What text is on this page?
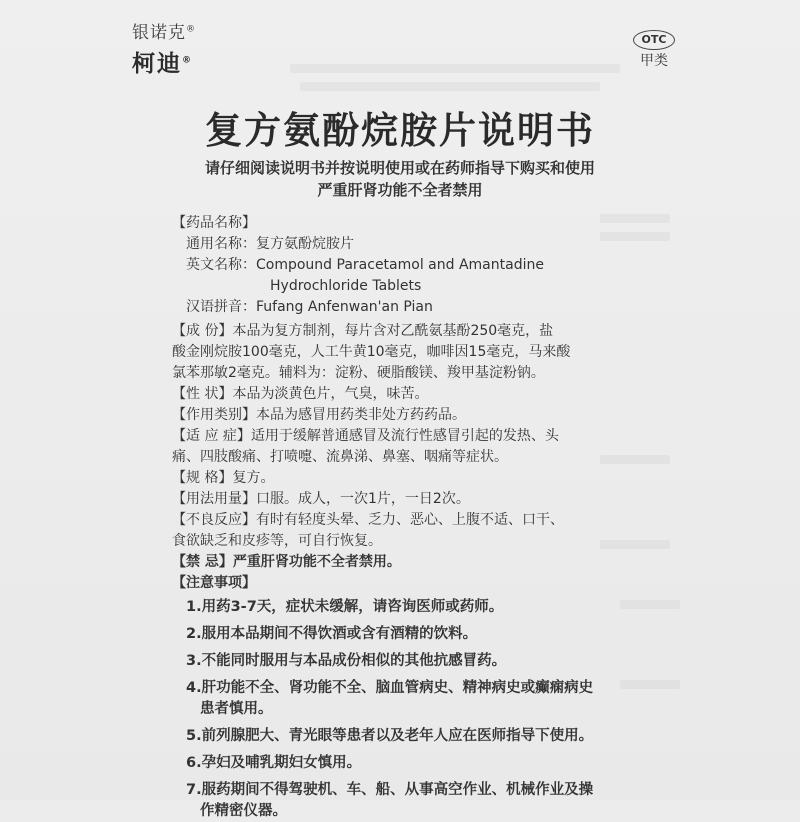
银诺克®
柯迪®
OTC
甲类
复方氨酚烷胺片说明书
请仔细阅读说明书并按说明使用或在药师指导下购买和使用
严重肝肾功能不全者禁用
【药品名称】
通用名称：复方氨酚烷胺片
英文名称：Compound Paracetamol and Amantadine
Hydrochloride Tablets
汉语拼音：Fufang Anfenwan'an Pian
【成 份】本品为复方制剂，每片含对乙酰氨基酚250毫克，盐
酸金刚烷胺100毫克，人工牛黄10毫克，咖啡因15毫克，马来酸
氯苯那敏2毫克。辅料为：淀粉、硬脂酸镁、羧甲基淀粉钠。
【性 状】本品为淡黄色片，气臭，味苦。
【作用类别】本品为感冒用药类非处方药药品。
【适 应 症】适用于缓解普通感冒及流行性感冒引起的发热、头
痛、四肢酸痛、打喷嚏、流鼻涕、鼻塞、咽痛等症状。
【规 格】复方。
【用法用量】口服。成人，一次1片，一日2次。
【不良反应】有时有轻度头晕、乏力、恶心、上腹不适、口干、
食欲缺乏和皮疹等，可自行恢复。
【禁 忌】严重肝肾功能不全者禁用。
【注意事项】
1.用药3-7天，症状未缓解，请咨询医师或药师。
2.服用本品期间不得饮酒或含有酒精的饮料。
3.不能同时服用与本品成份相似的其他抗感冒药。
4.肝功能不全、肾功能不全、脑血管病史、精神病史或癫痫病史
患者慎用。
5.前列腺肥大、青光眼等患者以及老年人应在医师指导下使用。
6.孕妇及哺乳期妇女慎用。
7.服药期间不得驾驶机、车、船、从事高空作业、机械作业及操
作精密仪器。
